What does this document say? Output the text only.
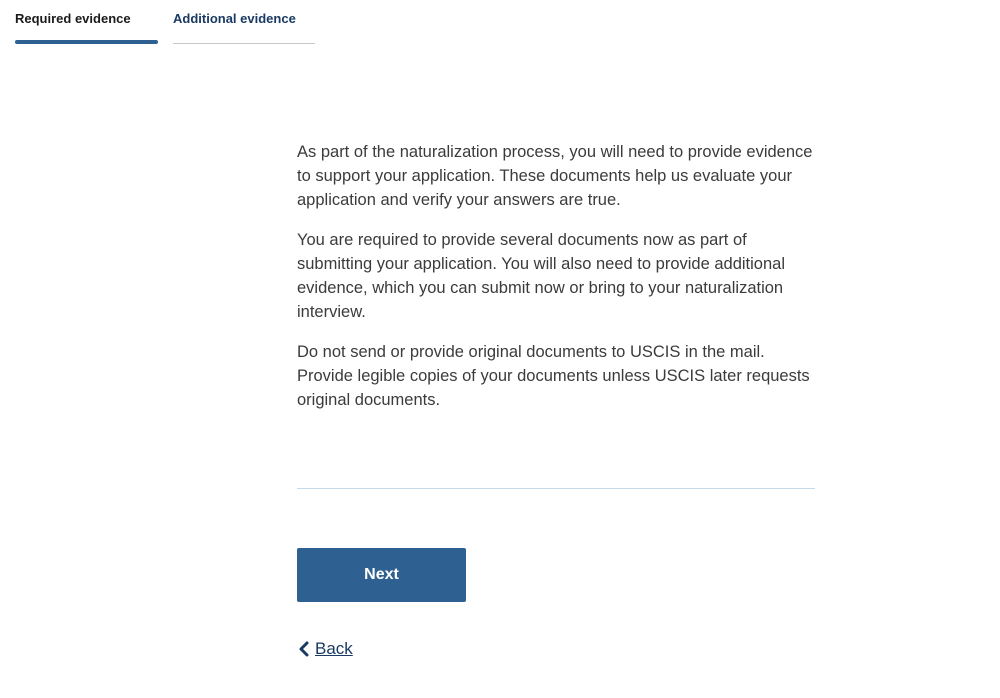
Required evidence	Additional evidence

As part of the naturalization process, you will need to provide evidence to support your application. These documents help us evaluate your application and verify your answers are true.

You are required to provide several documents now as part of submitting your application. You will also need to provide additional evidence, which you can submit now or bring to your naturalization interview.

Do not send or provide original documents to USCIS in the mail. Provide legible copies of your documents unless USCIS later requests original documents.

Next
Back
